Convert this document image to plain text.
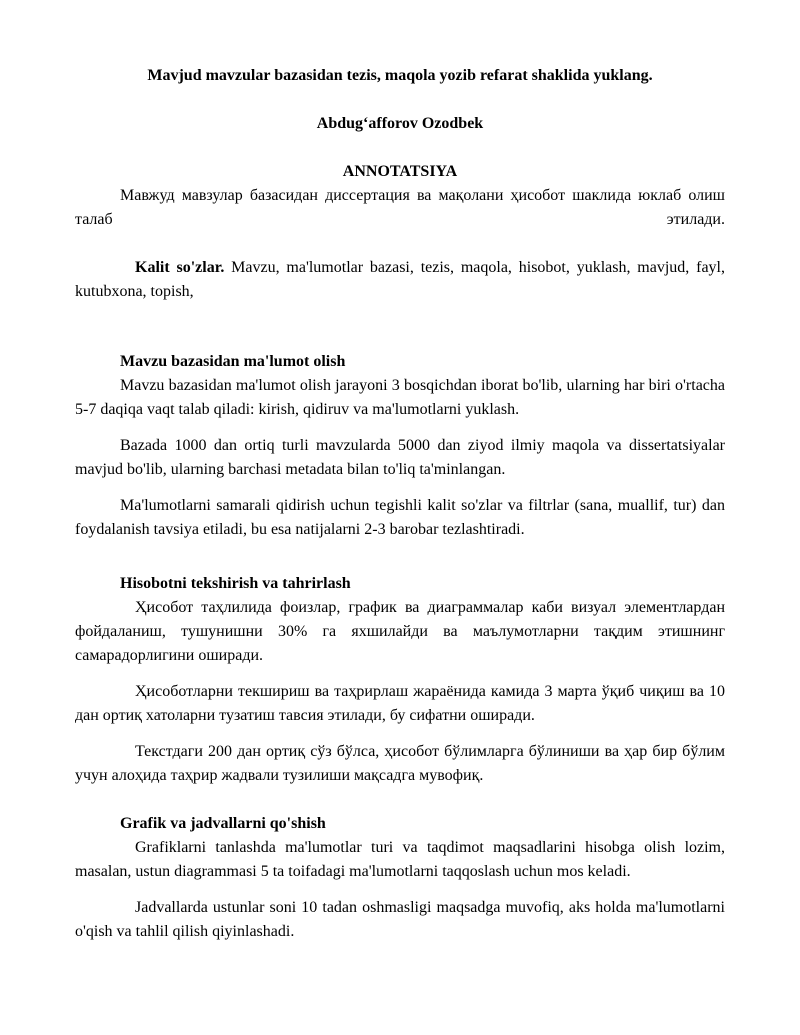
Mavjud mavzular bazasidan tezis, maqola yozib refarat shaklida yuklang.

Abdug‘afforov Ozodbek

ANNOTATSIYA

Мавжуд мавзулар базасидан диссертация ва мақолани ҳисобот шаклида юклаб олиш талаб этилади.

Kalit so'zlar. Mavzu, ma'lumotlar bazasi, tezis, maqola, hisobot, yuklash, mavjud, fayl, kutubxona, topish,

Mavzu bazasidan ma'lumot olish

Mavzu bazasidan ma'lumot olish jarayoni 3 bosqichdan iborat bo'lib, ularning har biri o'rtacha 5-7 daqiqa vaqt talab qiladi: kirish, qidiruv va ma'lumotlarni yuklash.

Bazada 1000 dan ortiq turli mavzularda 5000 dan ziyod ilmiy maqola va dissertatsiyalar mavjud bo'lib, ularning barchasi metadata bilan to'liq ta'minlangan.

Ma'lumotlarni samarali qidirish uchun tegishli kalit so'zlar va filtrlar (sana, muallif, tur) dan foydalanish tavsiya etiladi, bu esa natijalarni 2-3 barobar tezlashtiradi.

Hisobotni tekshirish va tahrirlash

Ҳисобот таҳлилида фоизлар, график ва диаграммалар каби визуал элементлардан фойдаланиш, тушунишни 30% га яхшилайди ва маълумотларни тақдим этишнинг самарадорлигини оширади.

Ҳисоботларни текшириш ва таҳрирлаш жараёнида камида 3 марта ўқиб чиқиш ва 10 дан ортиқ хатоларни тузатиш тавсия этилади, бу сифатни оширади.

Текстдаги 200 дан ортиқ сўз бўлса, ҳисобот бўлимларга бўлиниши ва ҳар бир бўлим учун алоҳида таҳрир жадвали тузилиши мақсадга мувофиқ.

Grafik va jadvallarni qo'shish

Grafiklarni tanlashda ma'lumotlar turi va taqdimot maqsadlarini hisobga olish lozim, masalan, ustun diagrammasi 5 ta toifadagi ma'lumotlarni taqqoslash uchun mos keladi.

Jadvallarda ustunlar soni 10 tadan oshmasligi maqsadga muvofiq, aks holda ma'lumotlarni o'qish va tahlil qilish qiyinlashadi.
